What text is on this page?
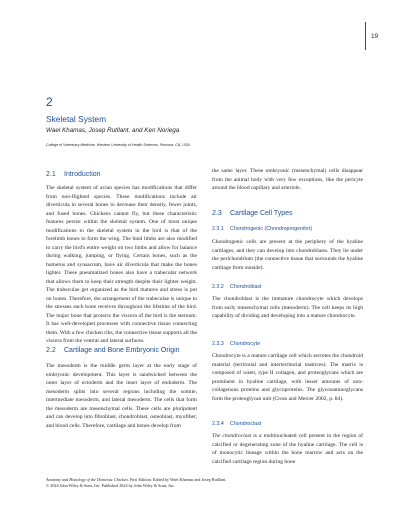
19
2
Skeletal System
Wael Khamas, Josep Rutllant, and Ken Noriega
College of Veterinary Medicine, Western University of Health Sciences, Pomona, CA, USA
2.1 Introduction
The skeletal system of avian species has modifications that differ from non-flighted species. These modifications include air diverticula in several bones to decrease their density, fewer joints, and fused bones. Chickens cannot fly, but these characteristic features persist within the skeletal system. One of most unique modifications to the skeletal system in the bird is that of the forelimb bones to form the wing. The hind limbs are also modified to carry the bird's entire weight on two limbs and allow for balance during walking, jumping, or flying. Certain bones, such as the humerus and synsacrum, have air diverticula that make the bones lighter. These pneumatized bones also have a trabecular network that allows them to keep their strength despite their lighter weight. The trabeculae get organized as the bird matures and stress is put on bones. Therefore, the arrangement of the trabeculae is unique to the stresses each bone receives throughout the lifetime of the bird. The major bone that protects the viscera of the bird is the sternum. It has well-developed processes with connective tissue connecting them. With a few chicken ribs, the connective tissue supports all the viscera from the ventral and lateral surfaces.
2.2 Cartilage and Bone Embryonic Origin
The mesoderm is the middle germ layer at the early stage of embryonic development. This layer is sandwiched between the outer layer of ectoderm and the inner layer of endoderm. The mesoderm splits into several regions including the somite, intermediate mesoderm, and lateral mesoderm. The cells that form the mesoderm are mesenchymal cells. These cells are pluripotent and can develop into fibroblast, chondroblast, osteoblast, myofiber, and blood cells. Therefore, cartilage and bones develop from
the same layer. These embryonic (mesenchymal) cells disappear from the animal body with very few exceptions, like the pericyte around the blood capillary and arteriole.
2.3 Cartilage Cell Types
2.3.1 Chondrogenic (Chondroprogenitor)
Chondrogenic cells are present at the periphery of the hyaline cartilages, and they can develop into chondroblasts. They lie under the perichondrium (the connective tissue that surrounds the hyaline cartilage from outside).
2.3.2 Chondroblast
The chondroblast is the immature chondrocyte which develops from early mesenchymal cells (mesoderm). The cell keeps its high capability of dividing and developing into a mature chondrocyte.
2.3.3 Chondrocyte
Chondrocyte is a mature cartilage cell which secretes the chondroid material (territorial and interterritorial matrices). The matrix is composed of water, type II collagen, and proteoglycans which are prominent in hyaline cartilage, with lesser amounts of non-collagenous proteins and glycoproteins. The glycosaminoglycans form the proteoglycan unit (Cross and Mercer 2002, p. 84).
2.3.4 Chondroclast
The chondroclast is a multinucleated cell present in the region of calcified or degenerating zone of the hyaline cartilage. The cell is of monocytic lineage within the bone marrow and acts on the calcified cartilage region during bone
Anatomy and Histology of the Domestic Chicken, First Edition. Edited by Wael Khamas and Josep Rutllant.
© 2024 John Wiley & Sons, Inc. Published 2024 by John Wiley & Sons, Inc.
